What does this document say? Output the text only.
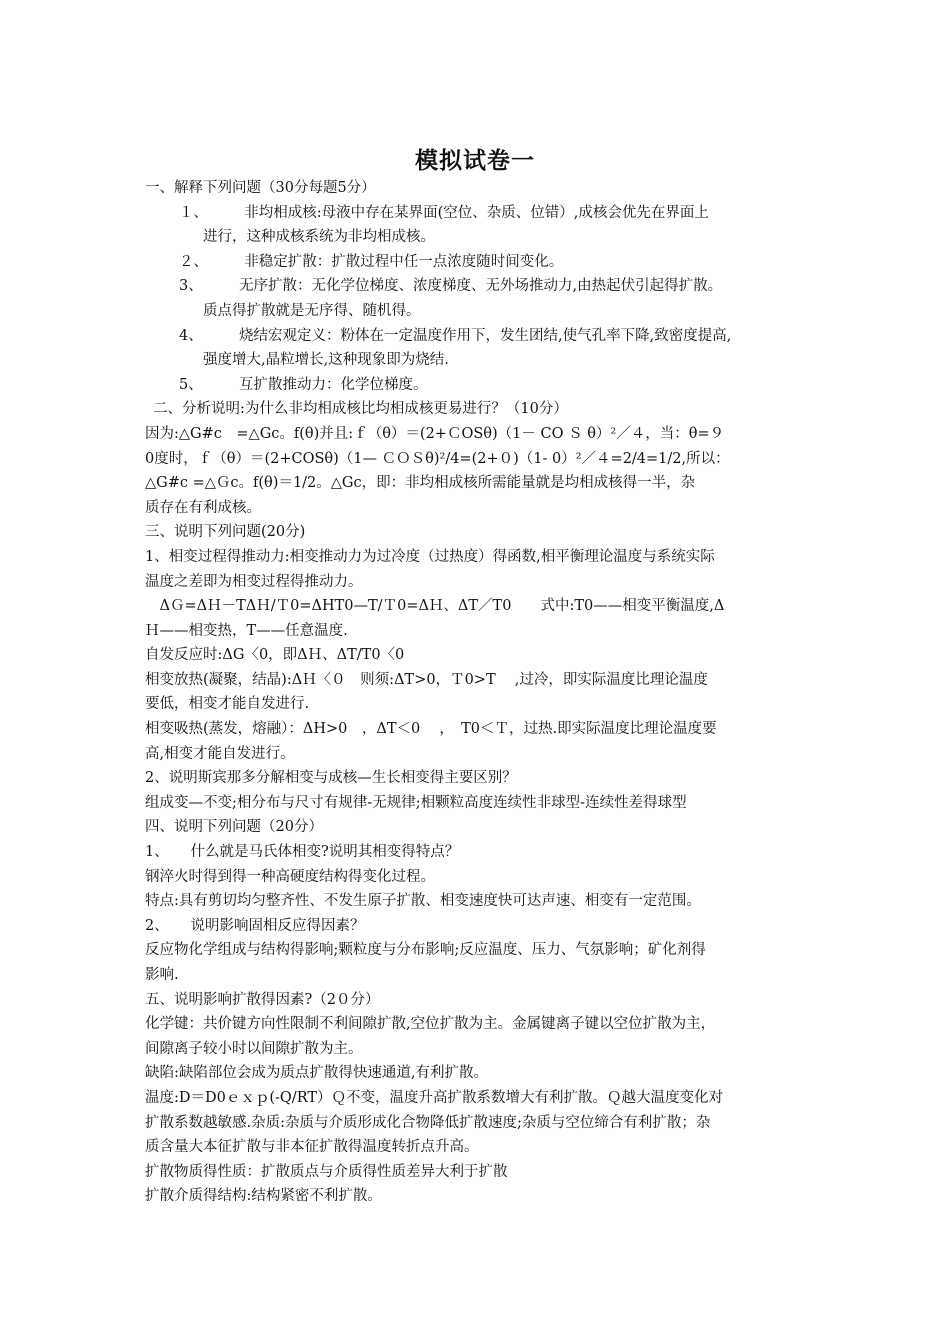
模拟试卷一
一、解释下列问题（30分每题5分）
１、　　　非均相成核:母液中存在某界面(空位、杂质、位错）,成核会优先在界面上
进行，这种成核系统为非均相成核。
２、　　　非稳定扩散：扩散过程中任一点浓度随时间变化。
3、　　　无序扩散：无化学位梯度、浓度梯度、无外场推动力,由热起伏引起得扩散。
质点得扩散就是无序得、随机得。
4、　　　烧结宏观定义：粉体在一定温度作用下，发生团结,使气孔率下降,致密度提高,
强度增大,晶粒增长,这种现象即为烧结.
5、　　　互扩散推动力：化学位梯度。
二、分析说明:为什么非均相成核比均相成核更易进行？（10分）
因为:△G#c　=△Gc。f(θ)并且:ｆ（θ）＝(2+ＣOSθ)（1－ CO Ｓ θ）²／４，当：θ=９
0度时，ｆ（θ）＝(2+COSθ)（1— ＣＯＳθ)²/4=(2+０)（1- 0）²／４=2/4=1/2,所以：
△G#c =△Ｇc。f(θ)＝1/2。△Gc，即：非均相成核所需能量就是均相成核得一半，杂
质存在有利成核。
三、说明下列问题(20分)
1、相变过程得推动力:相变推动力为过冷度（过热度）得函数,相平衡理论温度与系统实际
温度之差即为相变过程得推动力。
　ΔＧ=ΔＨ－TΔＨ/Ｔ0=ΔHT0—T/Ｔ0=ΔＨ、ΔT／T0　　式中:T0——相变平衡温度,Δ
Ｈ——相变热，T——任意温度.
自发反应时:ΔG〈0，即ΔＨ、ΔT/T0〈0
相变放热(凝聚，结晶):ΔＨ〈０　则须:ΔT>0，Ｔ0>T　 ,过冷，即实际温度比理论温度
要低，相变才能自发进行.
相变吸热(蒸发，熔融）：ΔH>0　，ΔT＜0　 ，　T0＜Ｔ，过热.即实际温度比理论温度要
高,相变才能自发进行。
2、说明斯宾那多分解相变与成核—生长相变得主要区别？
组成变—不变;相分布与尺寸有规律-无规律;相颗粒高度连续性非球型-连续性差得球型
四、说明下列问题（20分）
1、　　什么就是马氏体相变?说明其相变得特点？
钢淬火时得到得一种高硬度结构得变化过程。
特点:具有剪切均匀整齐性、不发生原子扩散、相变速度快可达声速、相变有一定范围。
2、　　说明影响固相反应得因素？
反应物化学组成与结构得影响;颗粒度与分布影响;反应温度、压力、气氛影响；矿化剂得
影响.
五、说明影响扩散得因素?（2０分）
化学键：共价键方向性限制不利间隙扩散,空位扩散为主。金属键离子键以空位扩散为主，
间隙离子较小时以间隙扩散为主。
缺陷:缺陷部位会成为质点扩散得快速通道,有利扩散。
温度:D＝D0ｅｘｐ(-Q/RT）Ｑ不变，温度升高扩散系数增大有利扩散。Ｑ越大温度变化对
扩散系数越敏感.杂质:杂质与介质形成化合物降低扩散速度;杂质与空位缔合有利扩散；杂
质含量大本征扩散与非本征扩散得温度转折点升高。
扩散物质得性质：扩散质点与介质得性质差异大利于扩散
扩散介质得结构:结构紧密不利扩散。
